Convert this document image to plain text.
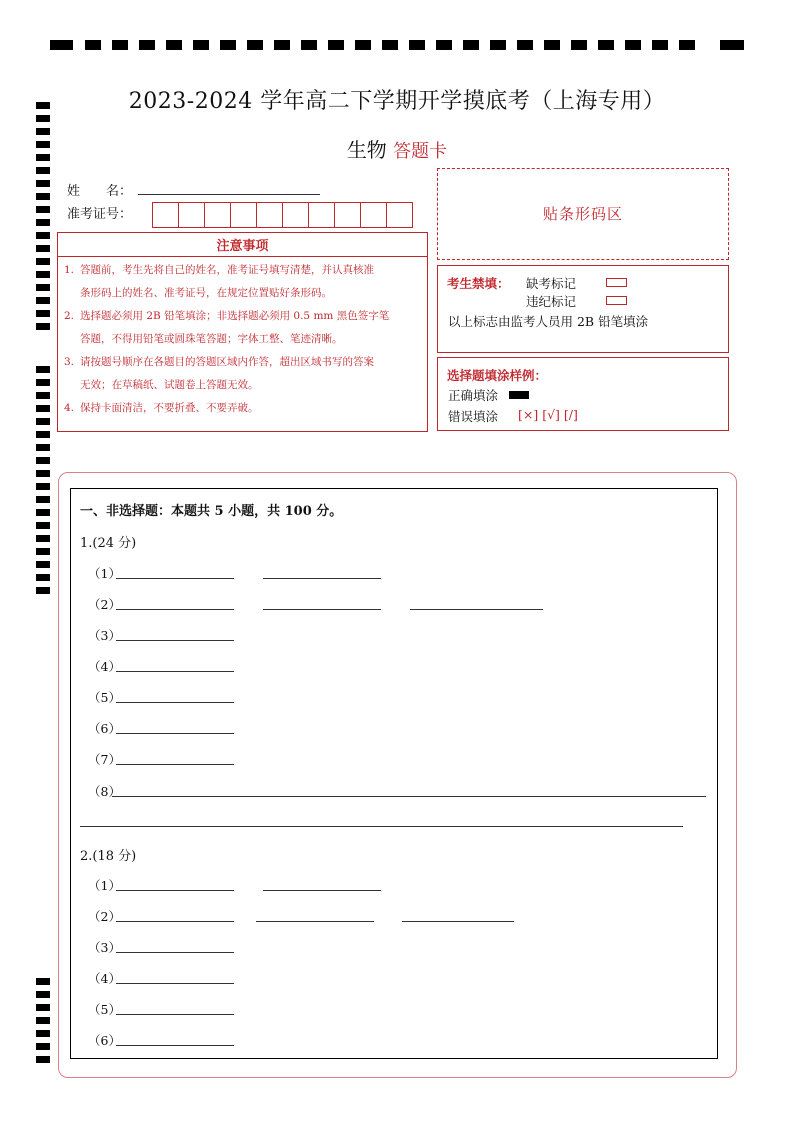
2023-2024 学年高二下学期开学摸底考（上海专用）
生物 答题卡
姓　　名：
准考证号：	贴条形码区
注意事项
1. 答题前，考生先将自己的姓名，准考证号填写清楚，并认真核准
条形码上的姓名、准考证号，在规定位置贴好条形码。
2. 选择题必须用 2B 铅笔填涂；非选择题必须用 0.5 mm 黑色签字笔
答题，不得用铅笔或圆珠笔答题；字体工整、笔迹清晰。
3. 请按题号顺序在各题目的答题区域内作答，超出区域书写的答案
无效；在草稿纸、试题卷上答题无效。
4. 保持卡面清洁，不要折叠、不要弄破。
考生禁填： 缺考标记
违纪标记
以上标志由监考人员用 2B 铅笔填涂
选择题填涂样例：
正确填涂
错误填涂 [×] [√] [/]
一、非选择题：本题共 5 小题，共 100 分。
1.(24 分)
（1）
（2）
（3）
（4）
（5）
（6）
（7）
（8）
2.(18 分)
（1）
（2）
（3）
（4）
（5）
（6）
